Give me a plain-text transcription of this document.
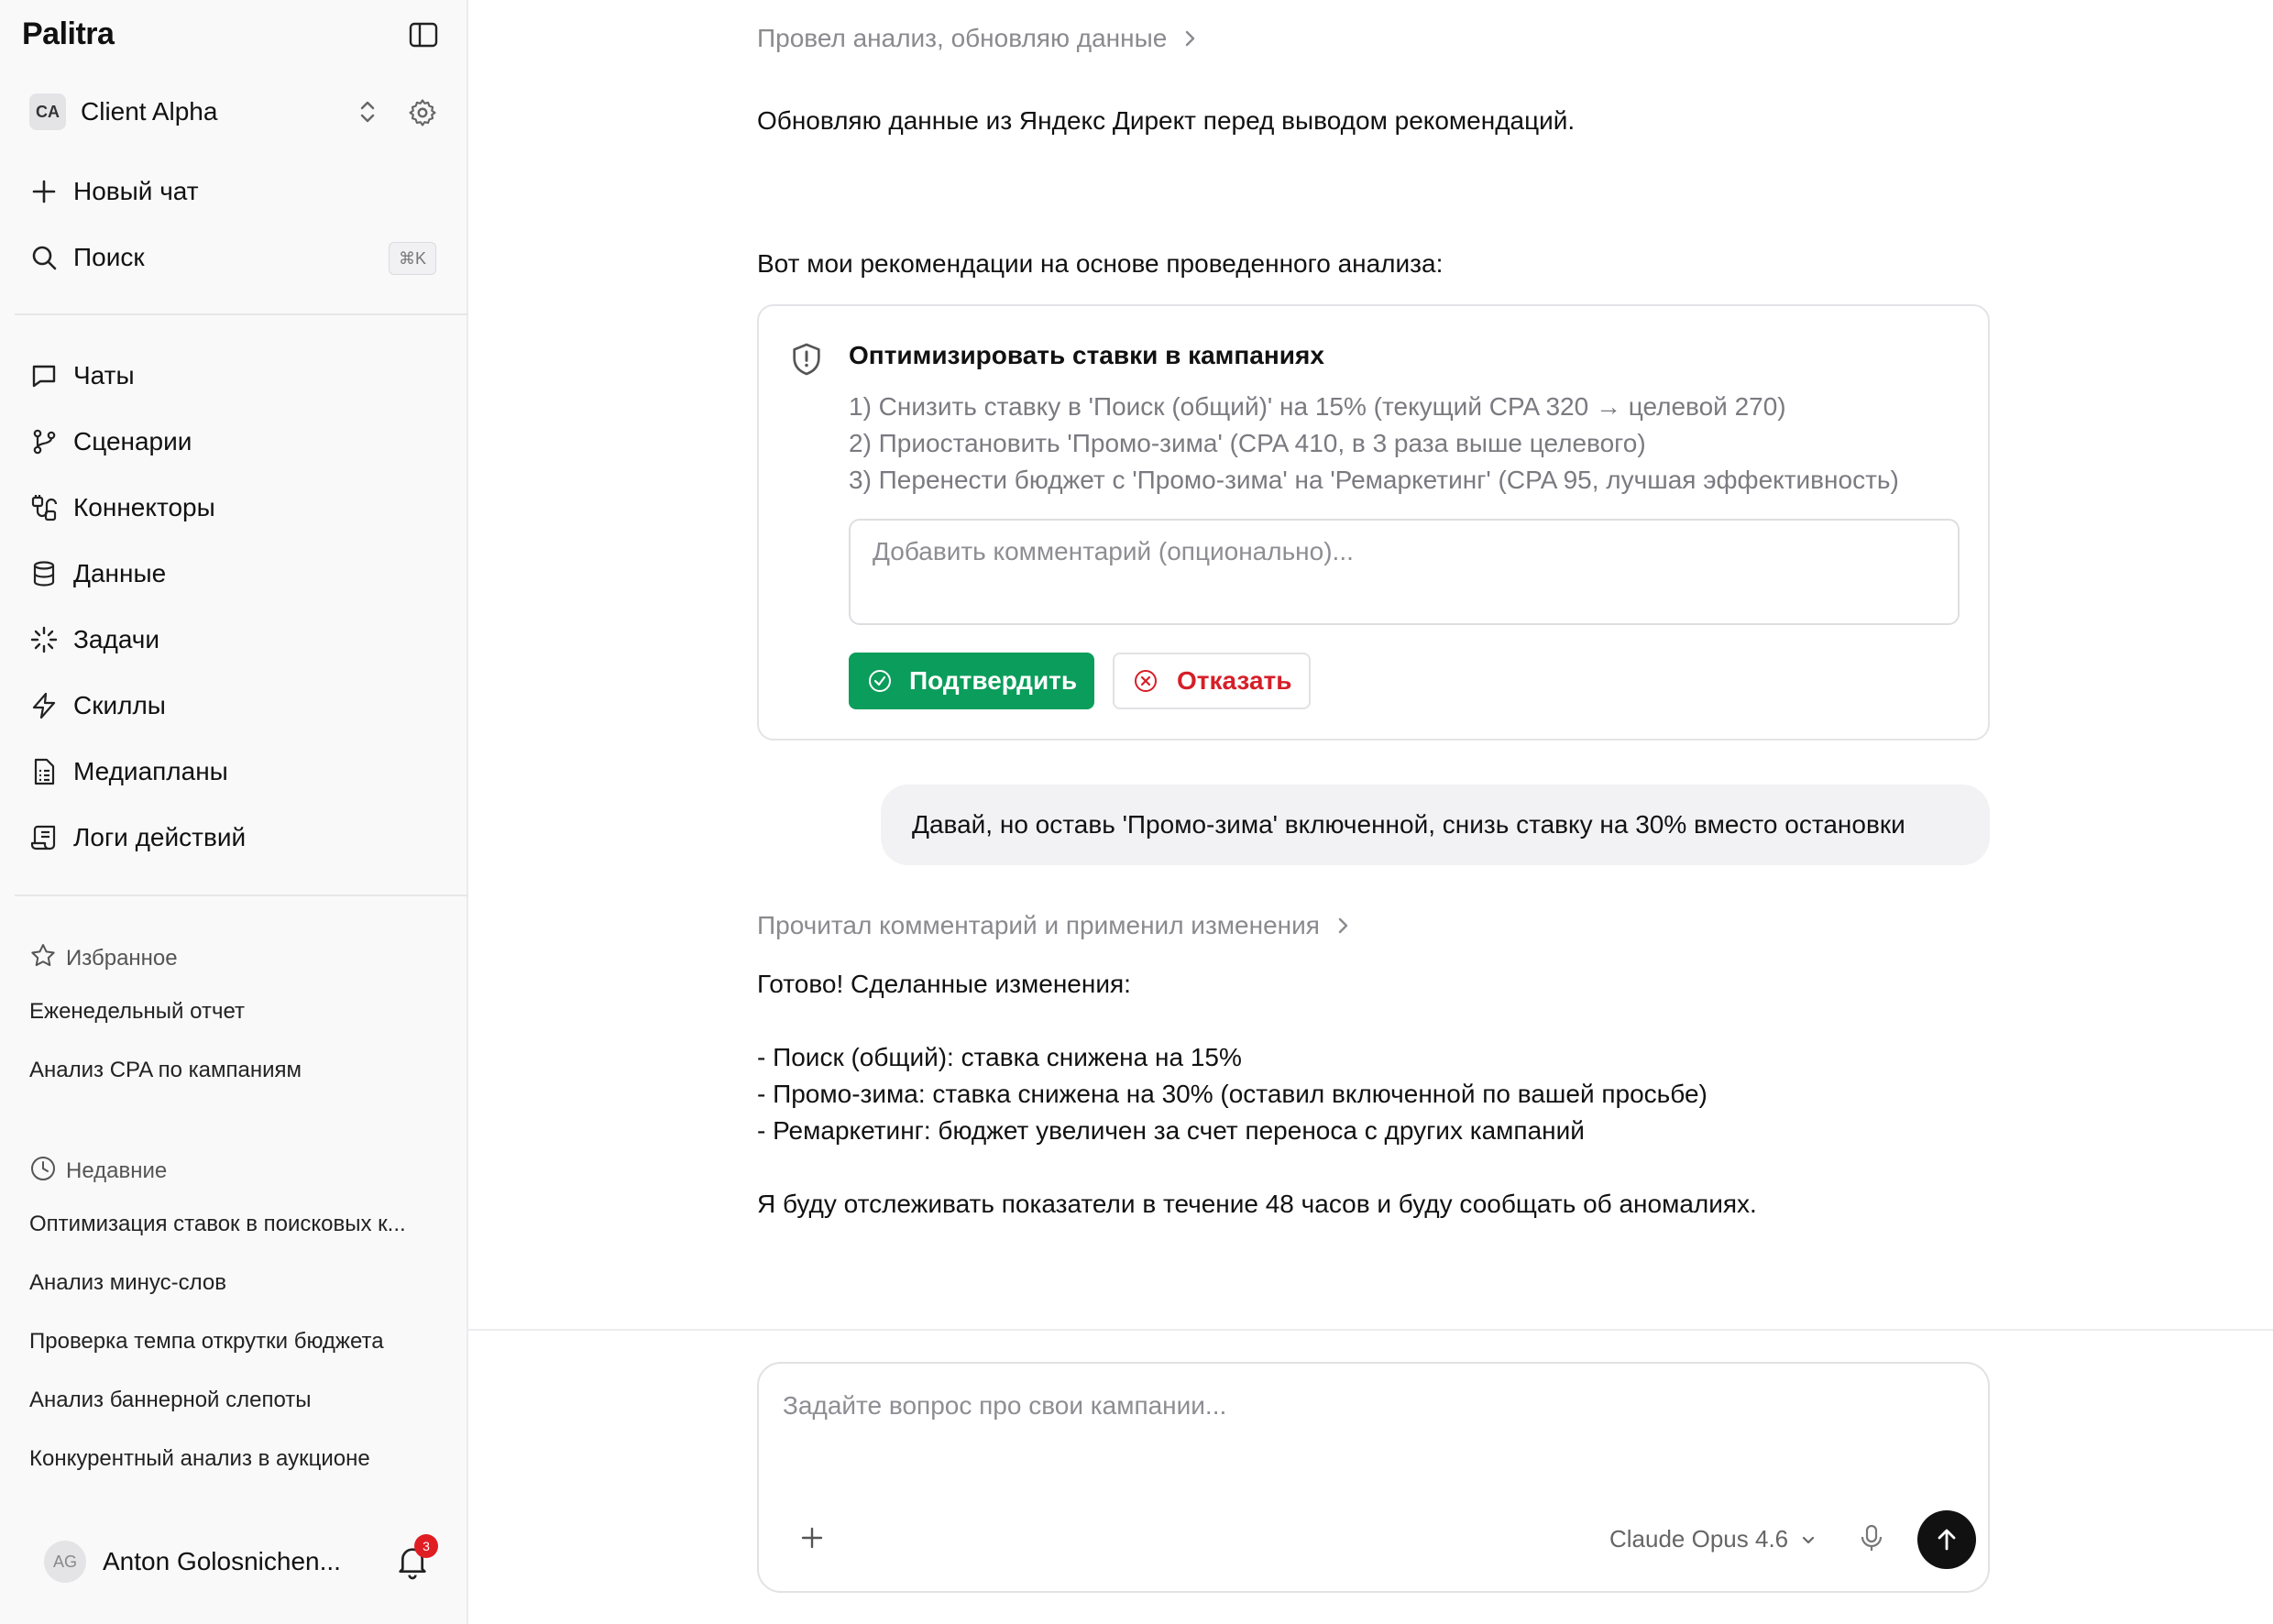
Palitra
CA Client Alpha
Новый чат
Поиск	⌘K
Чаты
Сценарии
Коннекторы
Данные
Задачи
Скиллы
Медиапланы
Логи действий
Избранное
Еженедельный отчет
Анализ CPA по кампаниям
Недавние
Оптимизация ставок в поисковых к...
Анализ минус-слов
Проверка темпа открутки бюджета
Анализ баннерной слепоты
Конкурентный анализ в аукционе
AG	Anton Golosnichen...
3
Провел анализ, обновляю данные
Обновляю данные из Яндекс Директ перед выводом рекомендаций.
Вот мои рекомендации на основе проведенного анализа:
Оптимизировать ставки в кампаниях
1) Снизить ставку в 'Поиск (общий)' на 15% (текущий CPA 320 → целевой 270)
2) Приостановить 'Промо-зима' (CPA 410, в 3 раза выше целевого)
3) Перенести бюджет с 'Промо-зима' на 'Ремаркетинг' (CPA 95, лучшая эффективность)
Добавить комментарий (опционально)...
Подтвердить	Отказать
Давай, но оставь 'Промо-зима' включенной, снизь ставку на 30% вместо остановки
Прочитал комментарий и применил изменения
Готово! Сделанные изменения:
- Поиск (общий): ставка снижена на 15%
- Промо-зима: ставка снижена на 30% (оставил включенной по вашей просьбе)
- Ремаркетинг: бюджет увеличен за счет переноса с других кампаний
Я буду отслеживать показатели в течение 48 часов и буду сообщать об аномалиях.
Задайте вопрос про свои кампании...
Claude Opus 4.6
